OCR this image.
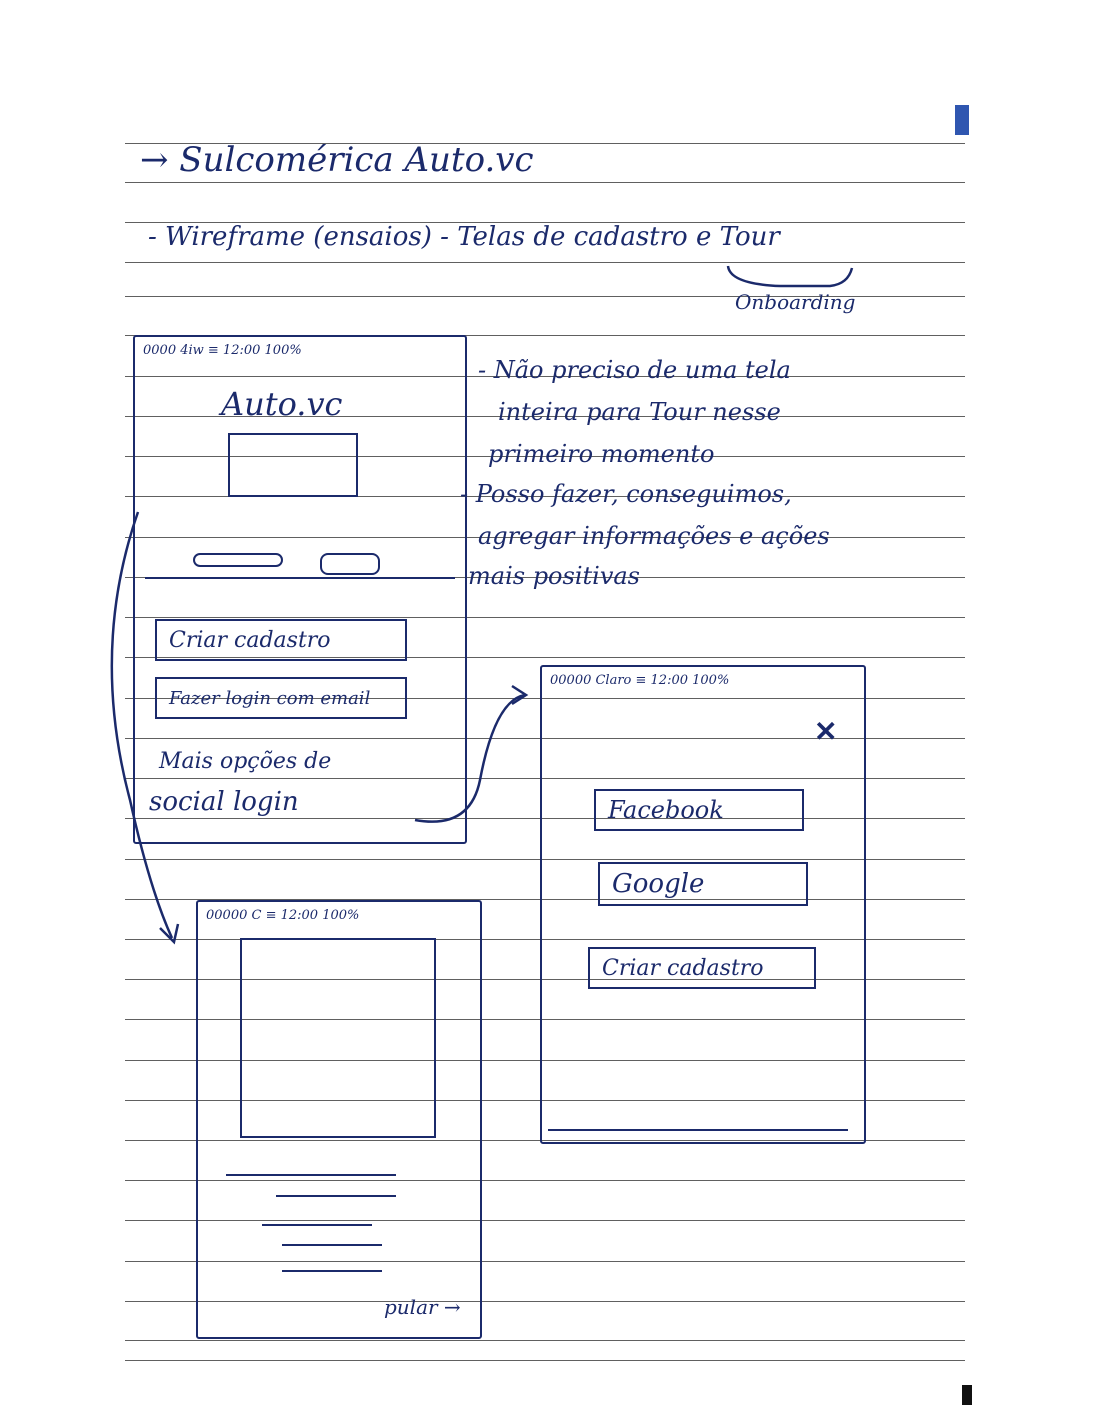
→ Sulcomérica Auto.vc
- Wireframe (ensaios) - Telas de cadastro e Tour
Onboarding
- Não preciso de uma tela
inteira para Tour nesse
primeiro momento
- Posso fazer, conseguimos,
agregar informações e ações
mais positivas
0000 4iw ≡ 12:00 100%
Auto.vc
Criar cadastro
Fazer login com email
Mais opções de
social login
00000 Claro ≡ 12:00 100%
✕
Facebook
Google
Criar cadastro
00000 C ≡ 12:00 100%
pular →
